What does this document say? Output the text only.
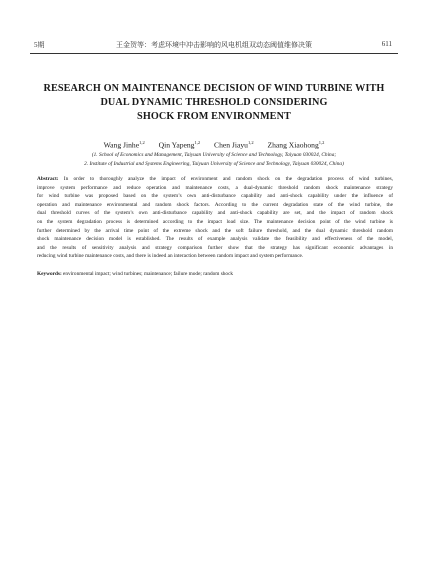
5期	王金贺等：考虑环境中冲击影响的风电机组双动态阈值维修决策	611
RESEARCH ON MAINTENANCE DECISION OF WIND TURBINE WITH
DUAL DYNAMIC THRESHOLD CONSIDERING
SHOCK FROM ENVIRONMENT
Wang Jinhe$^{1,2}$ Qin Yapeng$^{1,2}$ Chen Jiayu$^{1,2}$ Zhang Xiaohong$^{1,2}$
(1. School of Economics and Management, Taiyuan University of Science and Technology, Taiyuan 030024, China;
2. Institute of Industrial and Systems Engineering, Taiyuan University of Science and Technology, Taiyuan 030024, China)
Abstract: In order to thoroughly analyze the impact of environment and random shock on the degradation process of wind turbines,
improve system performance and reduce operation and maintenance costs, a dual-dynamic threshold random shock maintenance strategy
for wind turbine was proposed based on the system’s own anti-disturbance capability and anti-shock capability under the influence of
operation and maintenance environmental and random shock factors. According to the current degradation state of the wind turbine, the
dual threshold curves of the system’s own anti-disturbance capability and anti-shock capability are set, and the impact of random shock
on the system degradation process is determined according to the impact load size. The maintenance decision point of the wind turbine is
further determined by the arrival time point of the extreme shock and the soft failure threshold, and the dual dynamic threshold random
shock maintenance decision model is established. The results of example analysis validate the feasibility and effectiveness of the model,
and the results of sensitivity analysis and strategy comparison further show that the strategy has significant economic advantages in
reducing wind turbine maintenance costs, and there is indeed an interaction between random impact and system performance.
Keywords: environmental impact; wind turbines; maintenance; failure mode; random shock
